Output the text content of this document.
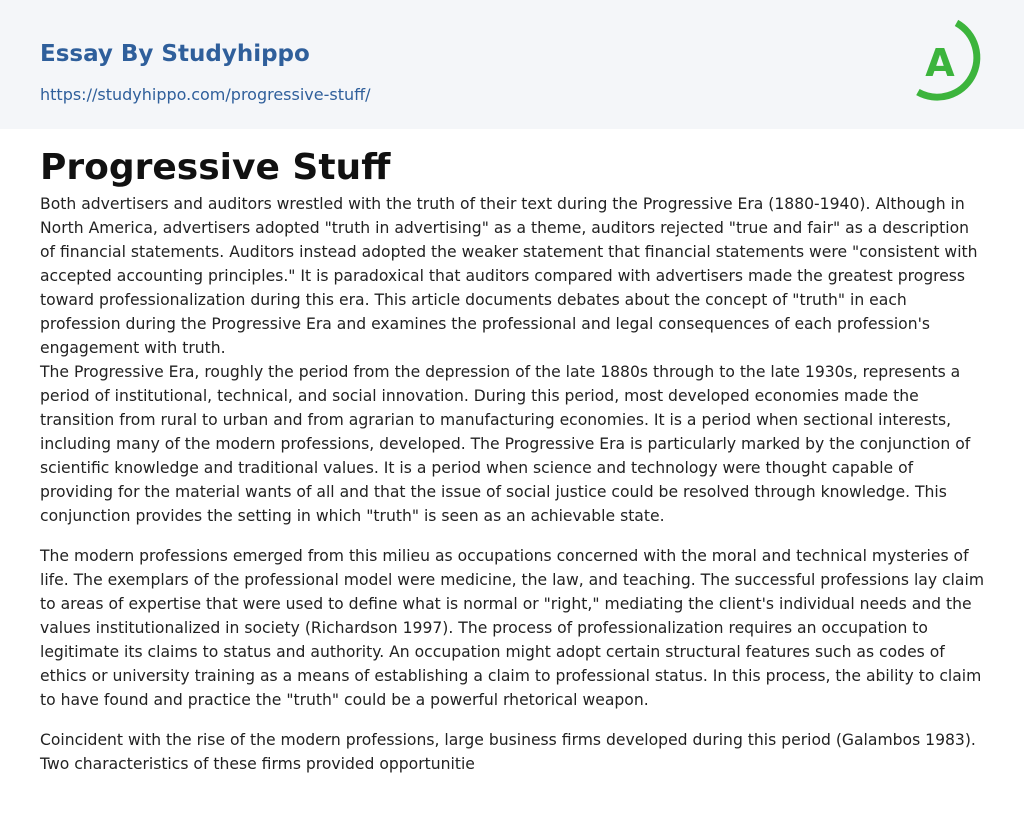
Essay By Studyhippo
https://studyhippo.com/progressive-stuff/
A
Progressive Stuff

Both advertisers and auditors wrestled with the truth of their text during the Progressive Era (1880-1940). Although in North America, advertisers adopted "truth in advertising" as a theme, auditors rejected "true and fair" as a description of financial statements. Auditors instead adopted the weaker statement that financial statements were "consistent with accepted accounting principles." It is paradoxical that auditors compared with advertisers made the greatest progress toward professionalization during this era. This article documents debates about the concept of "truth" in each profession during the Progressive Era and examines the professional and legal consequences of each profession's engagement with truth.

The Progressive Era, roughly the period from the depression of the late 1880s through to the late 1930s, represents a period of institutional, technical, and social innovation. During this period, most developed economies made the transition from rural to urban and from agrarian to manufacturing economies. It is a period when sectional interests, including many of the modern professions, developed. The Progressive Era is particularly marked by the conjunction of scientific knowledge and traditional values. It is a period when science and technology were thought capable of providing for the material wants of all and that the issue of social justice could be resolved through knowledge. This conjunction provides the setting in which "truth" is seen as an achievable state.

The modern professions emerged from this milieu as occupations concerned with the moral and technical mysteries of life. The exemplars of the professional model were medicine, the law, and teaching. The successful professions lay claim to areas of expertise that were used to define what is normal or "right," mediating the client's individual needs and the values institutionalized in society (Richardson 1997). The process of professionalization requires an occupation to legitimate its claims to status and authority. An occupation might adopt certain structural features such as codes of ethics or university training as a means of establishing a claim to professional status. In this process, the ability to claim to have found and practice the "truth" could be a powerful rhetorical weapon.

Coincident with the rise of the modern professions, large business firms developed during this period (Galambos 1983). Two characteristics of these firms provided opportunitie
